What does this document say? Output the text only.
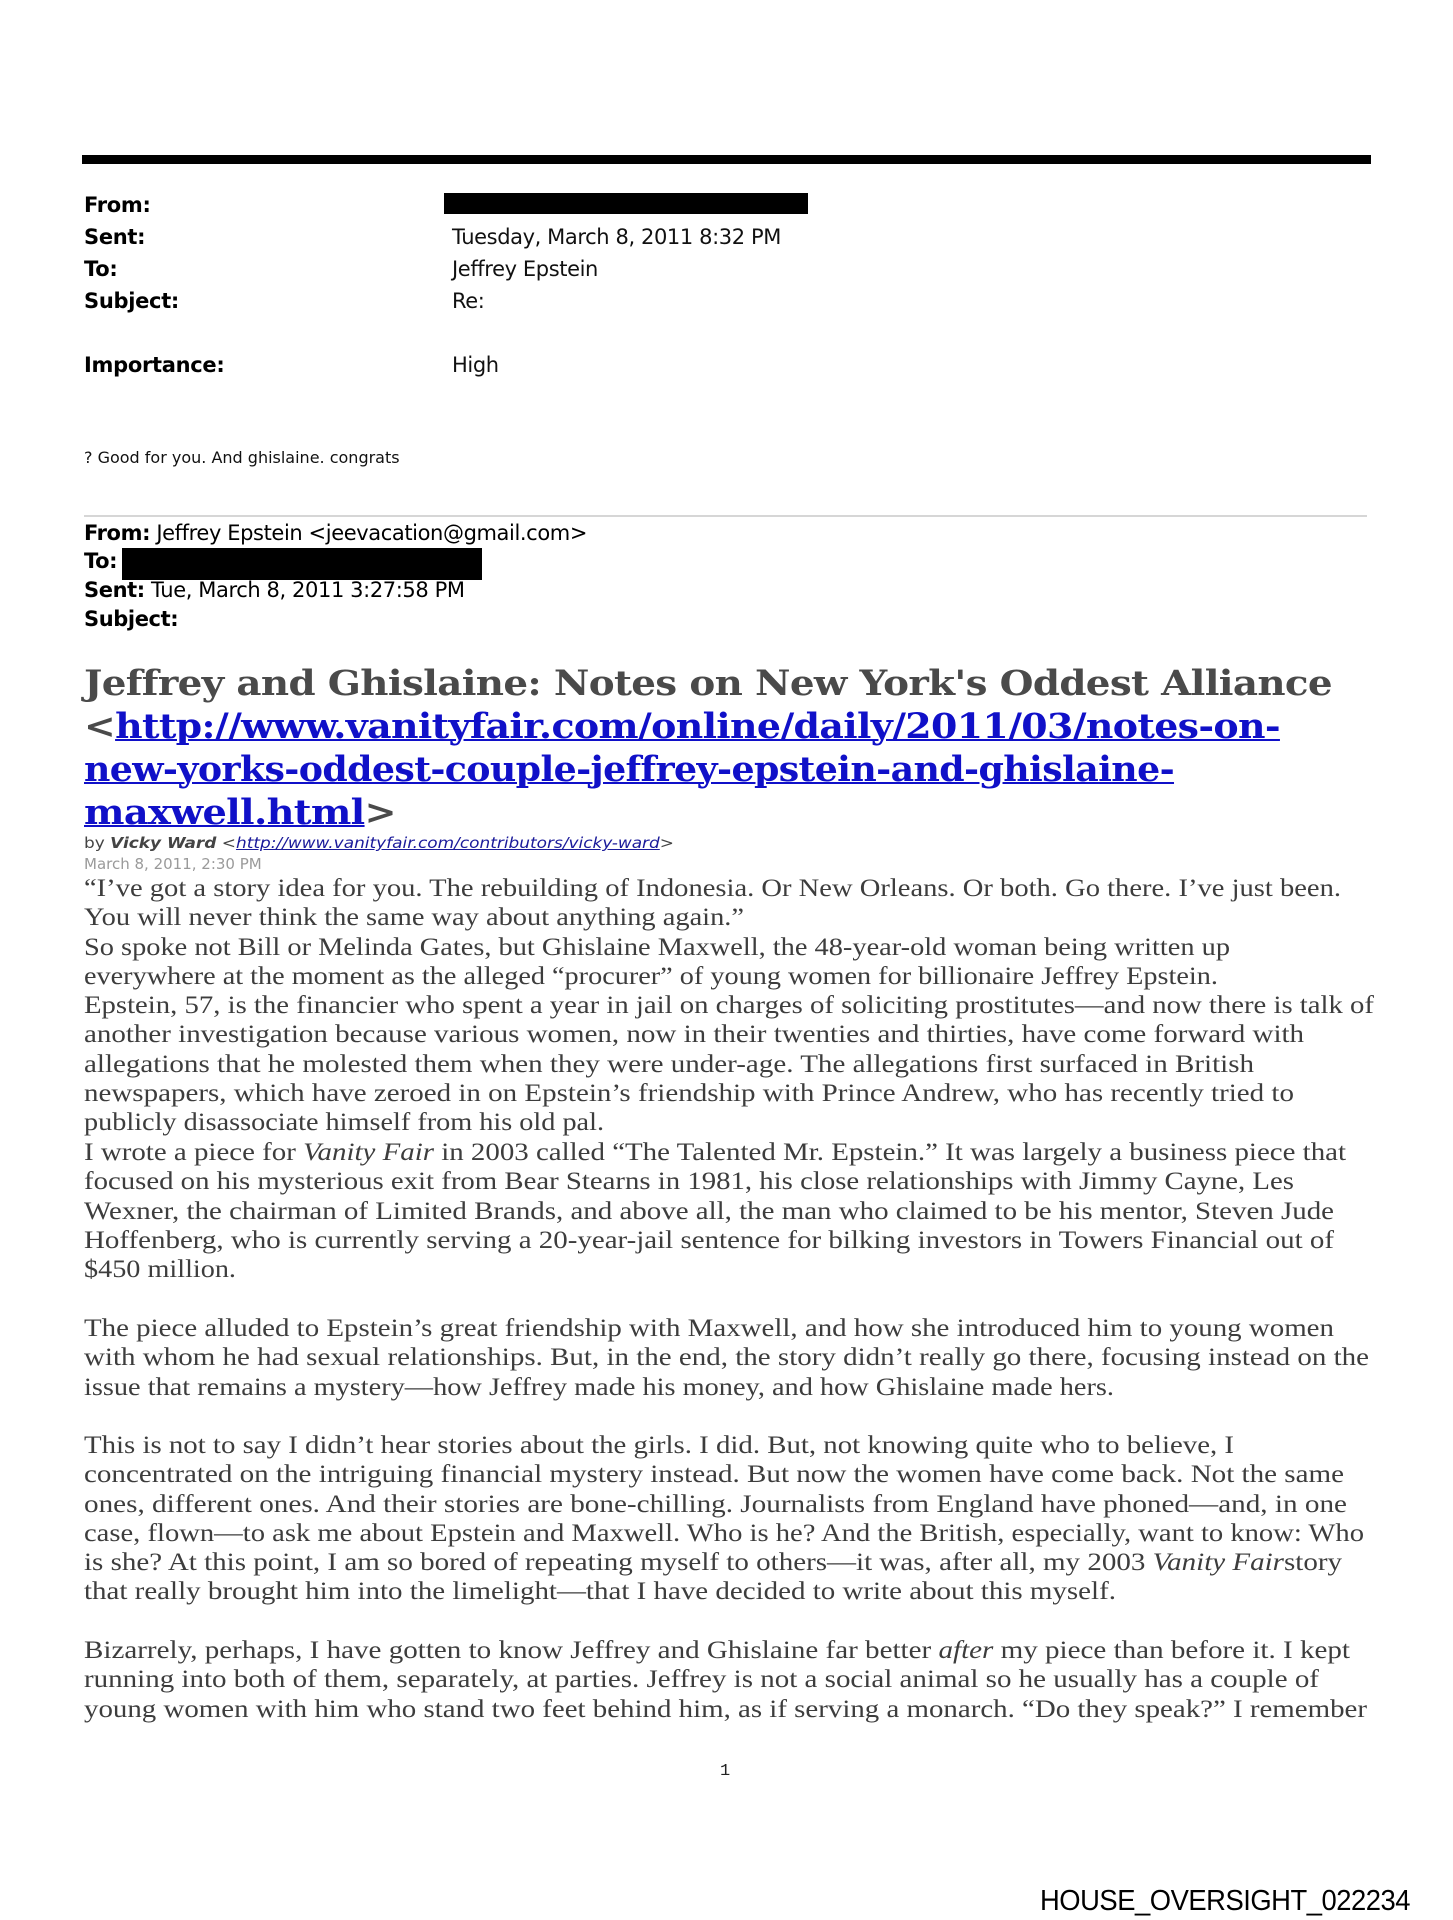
From:
Sent:	Tuesday, March 8, 2011 8:32 PM
To:	Jeffrey Epstein
Subject:	Re:
Importance:	High
? Good for you. And ghislaine. congrats
From: Jeffrey Epstein <jeevacation@gmail.com>
To:
Sent: Tue, March 8, 2011 3:27:58 PM
Subject:
Jeffrey and Ghislaine: Notes on New York's Oddest Alliance
<http://www.vanityfair.com/online/daily/2011/03/notes-on-
new-yorks-oddest-couple-jeffrey-epstein-and-ghislaine-
maxwell.html>
by Vicky Ward <http://www.vanityfair.com/contributors/vicky-ward>
March 8, 2011, 2:30 PM
“I’ve got a story idea for you. The rebuilding of Indonesia. Or New Orleans. Or both. Go there. I’ve just been.
You will never think the same way about anything again.”
So spoke not Bill or Melinda Gates, but Ghislaine Maxwell, the 48-year-old woman being written up
everywhere at the moment as the alleged “procurer” of young women for billionaire Jeffrey Epstein.
Epstein, 57, is the financier who spent a year in jail on charges of soliciting prostitutes—and now there is talk of
another investigation because various women, now in their twenties and thirties, have come forward with
allegations that he molested them when they were under-age. The allegations first surfaced in British
newspapers, which have zeroed in on Epstein’s friendship with Prince Andrew, who has recently tried to
publicly disassociate himself from his old pal.
I wrote a piece for Vanity Fair in 2003 called “The Talented Mr. Epstein.” It was largely a business piece that
focused on his mysterious exit from Bear Stearns in 1981, his close relationships with Jimmy Cayne, Les
Wexner, the chairman of Limited Brands, and above all, the man who claimed to be his mentor, Steven Jude
Hoffenberg, who is currently serving a 20-year-jail sentence for bilking investors in Towers Financial out of
$450 million.
The piece alluded to Epstein’s great friendship with Maxwell, and how she introduced him to young women
with whom he had sexual relationships. But, in the end, the story didn’t really go there, focusing instead on the
issue that remains a mystery—how Jeffrey made his money, and how Ghislaine made hers.
This is not to say I didn’t hear stories about the girls. I did. But, not knowing quite who to believe, I
concentrated on the intriguing financial mystery instead. But now the women have come back. Not the same
ones, different ones. And their stories are bone-chilling. Journalists from England have phoned—and, in one
case, flown—to ask me about Epstein and Maxwell. Who is he? And the British, especially, want to know: Who
is she? At this point, I am so bored of repeating myself to others—it was, after all, my 2003 Vanity Fairstory
that really brought him into the limelight—that I have decided to write about this myself.
Bizarrely, perhaps, I have gotten to know Jeffrey and Ghislaine far better after my piece than before it. I kept
running into both of them, separately, at parties. Jeffrey is not a social animal so he usually has a couple of
young women with him who stand two feet behind him, as if serving a monarch. “Do they speak?” I remember
1
HOUSE_OVERSIGHT_022234
